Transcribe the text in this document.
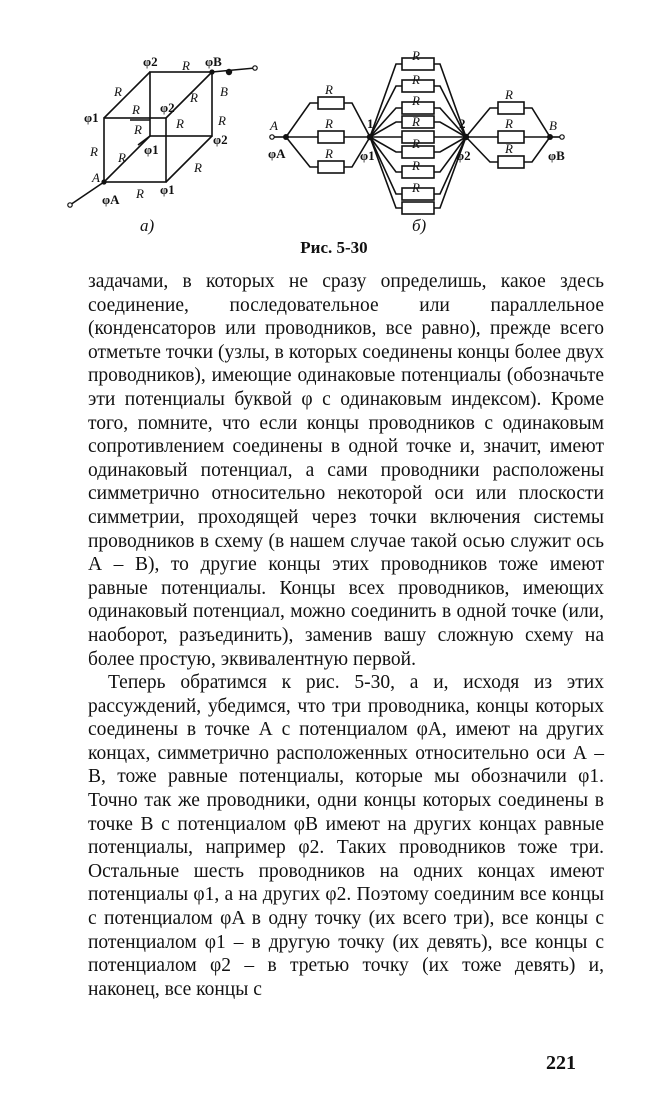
φ2 R φB
R	B
φ1
R φ2
R
R	R	R
φ2
φ1
R R
R
A
R φ1
φA
A	B
1	2
φA	φ1	φ2	φB
R
R
R
R
R
R
R
R
R
R
R
R
R
а)	б)
Рис. 5-30

задачами, в которых не сразу определишь, какое здесь соединение, последовательное или параллельное (конденсаторов или проводников, все равно), прежде всего отметьте точки (узлы, в которых соединены концы более двух проводников), имеющие одинаковые потенциалы (обозначьте эти потенциалы буквой φ с одинаковым индексом). Кроме того, помните, что если концы проводников с одинаковым сопротивлением соединены в одной точке и, значит, имеют одинаковый потенциал, а сами проводники расположены симметрично относительно некоторой оси или плоскости симметрии, проходящей через точки включения системы проводников в схему (в нашем случае такой осью служит ось А – В), то другие концы этих проводников тоже имеют равные потенциалы. Концы всех проводников, имеющих одинаковый потенциал, можно соединить в одной точке (или, наоборот, разъединить), заменив вашу сложную схему на более простую, эквивалентную первой.

Теперь обратимся к рис. 5-30, а и, исходя из этих рассуждений, убедимся, что три проводника, концы которых соединены в точке А с потенциалом φA, имеют на других концах, симметрично расположенных относительно оси А – В, тоже равные потенциалы, которые мы обозначили φ1. Точно так же проводники, одни концы которых соединены в точке В с потенциалом φB имеют на других концах равные потенциалы, например φ2. Таких проводников тоже три. Остальные шесть проводников на одних концах имеют потенциалы φ1, а на других φ2. Поэтому соединим все концы с потенциалом φA в одну точку (их всего три), все концы с потенциалом φ1 – в другую точку (их девять), все концы с потенциалом φ2 – в третью точку (их тоже девять) и, наконец, все концы с

221
